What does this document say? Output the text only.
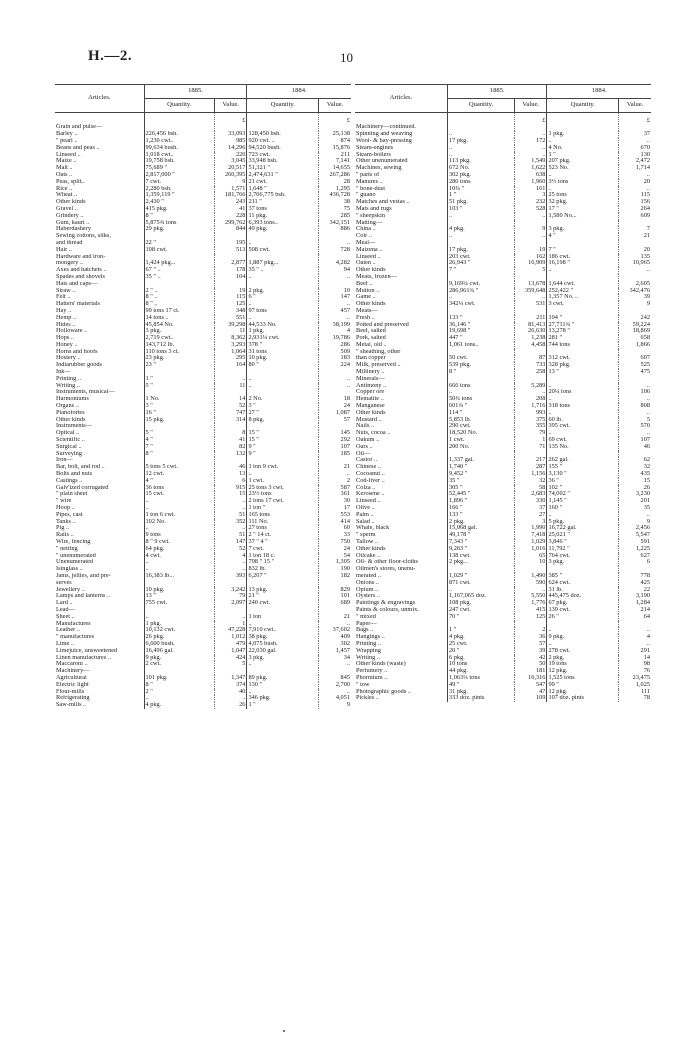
H.—2.	10
Articles.	1885.		1884.	
	Quantity.	Value.	Quantity.	Value.
		£		£
Grain and pulse—				
Barley ..	226,456 bsh.	33,093	128,450 bsh.	25,138
" pearl ..	1,230 cwt..	985	920 cwt. ..	874
Beans and peas ..	99,634 bush.	14,296	94,520 bush.	15,876
Linseed ..	1,018 cwt..	220	723 cwt.	211
Maize ..	19,758 bsh.	3,045	33,948 bsh.	7,141
Malt ..	75,689 "	20,517	51,321 "	14,655
Oats ..	2,817,000 "	260,395	2,474,631 "	267,286
Peas, split..	7 cwt.	9	21 cwt.	28
Rice ..	2,280 bsh.	1,571	1,648 "	1,295
Wheat ..	1,359,119 "	181,766	2,706,775 bsh.	436,728
Other kinds	2,430 "	243	211 "	38
Gravel ..	415 pkg.	41	37 tons	75
Grindery ..	8 "	228	11 pkg.	285
Gum, kauri ..	5,875¾ tons	299,762	6,393 tons..	342,151
Haberdashery	29 pkg.	844	49 pkg.	886
Sewing cottons, silks,				
and thread	22 "	195	..	..
Hair ..	108 cwt.	513	508 cwt.	728
Hardware and iron-				
mongery ..	1,424 pkg...	2,877	1,887 pkg...	4,282
Axes and hatchets ..	67 " ..	178	35 " ..	94
Spades and shovels	35 " ..	104	..	..
Hats and caps—				
Straw ..	2 " ..	19	2 pkg.	10
Felt ..	8 " ..	115	6 "	147
Hatters' materials	8 " ..	125	..	..
Hay ..	99 tons 17 ct.	348	97 tons	457
Hemp ..	14 tons ..	551	..	..
Hides ..	45,854 No.	39,298	44,533 No.	38,199
Holloware ..	3 pkg.	11	1 pkg.	4
Hops ..	2,719 cwt..	8,362	2,931¼ cwt.	19,786
Honey ..	143,712 lb.	3,293	378 "	286
Horns and hoofs	110 tons 3 ct.	1,064	31 tons	509
Hosiery ..	23 pkg.	295	10 pkg.	183
Indiarubber goods	23 "	164	80 "	224
Ink—				
Printing ..	1 "	..	..	..
Writing ..	5 "	11	..	..
Instruments, musical—				
Harmoniums	1 No.	14	2 No.	18
Organs ..	3 "	52	3 "	24
Pianofortes	16 "	747	27 "	1,087
Other kinds	15 pkg.	314	8 pkg.	57
Instruments—				
Optical ..	5 "	8	15 "	145
Scientific ..	4 "	41	15 "	292
Surgical ..	7 "	82	9 "	107
Surveying	8 "	132	9 "	185
Iron—				
Bar, bolt, and rod ..	5 tons 5 cwt.	46	1 ton 9 cwt.	21
Bolts and nuts	12 cwt.	13	..	..
Castings ..	4 "	6	1 cwt.	2
Galv'ized corrugated	36 tons	915	25 tons 3 cwt.	587
" plain sheet	15 cwt.	15	23½ tons	361
" wire	..	..	2 tons 17 cwt.	30
Hoop ..	..	..	1 ton "	17
Pipes, cast	1 ton 6 cwt.	51	165 tons	553
Tanks ..	102 No.	352	111 No.	414
Pig ..	..	..	27 tons	60
Rails ..	9 tons	51	2 " 14 ct.	33
Wire, fencing	8 " 9 cwt.	147	37 " 4 "	750
" netting	64 pkg.	52	7 cwt.	24
" unenumerated	4 cwt.	4	1 ton 18 c.	54
Unenumerated	..	..	798 " 15 "	1,305
Isinglass ..	..	..	832 lb.	190
Jams, jellies, and pre-	16,383 lb...	393	6,207 "	182
serves				
Jewellery ..	10 pkg.	3,242	13 pkg.	829
Lamps and lanterns ..	13 "	79	21 "	101
Lard ..	755 cwt.	2,097	240 cwt.	689
Lead—				
Sheet ..	..	..	1 ton	21
Manufactures	1 pkg.	1	..	..
Leather ..	10,132 cwt.	47,228	7,910 cwt..	37,602
" manufactures	26 pkg.	1,012	38 pkg.	409
Lime ..	6,600 bush.	479	4,075 bush.	302
Limejuice, unsweetened	16,496 gal.	1,047	22,030 gal.	1,457
Linen manufactures ..	9 pkg.	424	3 pkg.	34
Maccaroni ..	2 cwt.	5	..	..
Machinery—				
Agricultural	101 pkg.	1,347	89 pkg.	845
Electric light	8 "	374	130 "	2,700
Flour-mills	2 "	40	..	..
Refrigerating	..	..	346 pkg.	4,051
Saw-mills ..	4 pkg.	26	1 "	9
Articles.	1885.		1884.	
	Quantity.	Value.	Quantity.	Value.
		£		£
Machinery—continued.				
Spinning and weaving	..	..	1 pkg.	37
Wool- & hay-pressing	17 pkg.	172	..	..
Steam-engines	..	..	4 No.	670
Steam-boilers	..	..	1 "	130
Other unenumerated	113 pkg.	1,549	207 pkg.	2,472
Machines, sewing	672 No.	1,622	523 No.	1,714
" parts of	302 pkg.	638	..	..
Manures ..	280 tons	1,960	3½ tons	20
" bone-dust	10¾ "	161	..	..
" guano	1 "	3	25 tons	115
Matches and vestas ..	51 pkg.	232	32 pkg.	156
Mats and rugs	103 "	528	17 "	264
" sheepskin	..	..	1,580 No...	609
Matting—				
China ..	4 pkg.	9	3 pkg.	7
Coir ..	..	..	4 "	21
Meal—				
Maizena ..	17 pkg.	19	7 "	20
Linseed ..	203 cwt.	162	186 cwt.	135
Oaten ..	26,943 "	16,909	16,198 "	10,965
Other kinds	7 "	5	..	..
Meats, frozen—				
Beef ..	9,169¼ cwt.	13,678	1,644 cwt.	2,605
Mutton ..	286,961¾ "	359,648	252,422 "	342,476
Game ..	..	..	1,357 No. ..	39
Other kinds	342¼ cwt.	531	3 cwt.	9
Meats—				
Fresh ..	133 "	211	194 "	242
Potted and preserved	36,146 "	81,413	27,711¾ "	59,224
Beef, salted	19,698 "	26,630	13,278 "	18,869
Pork, salted	447 "	1,238	281 "	658
Metal, old ..	1,061 tons..	4,458	744 tons	1,866
" sheathing, other				
than copper	50 cwt.	87	312 cwt.	607
Milk, preserved ..	539 pkg.	733	328 pkg.	525
Millinery ..	8 "	258	13 "	475
Minerals—				
Antimony ..	666 tons	5,289	..	..
Copper ore	..	..	20¼ tons	106
Hematite ..	50¾ tons	208	..	..
Manganese	601¾ "	1,716	318 tons	808
Other kinds	114 "	993	..	..
Mustard ..	5,853 lb.	375	60 lb.	5
Nails ..	290 cwt.	355	395 cwt.	570
Nuts, cocoa ..	18,520 No.	79	..	..
Oakum ..	1 cwt.	1	69 cwt.	107
Oars ..	200 No.	71	135 No.	46
Oil—				
Castor ..	1,337 gal.	217	262 gal.	62
Chinese ..	1,740 "	287	155 "	32
Cocoanut ..	9,452 "	1,156	3,130 "	435
Cod-liver ..	35 "	32	36 "	15
Colza ..	305 "	58	102 "	26
Kerosene ..	52,445 "	2,683	74,002 "	3,230
Linseed ..	1,896 "	330	1,145 "	201
Olive ..	166 "	37	160 "	35
Palm ..	133 "	27	..	..
Salad ..	2 pkg.	3	5 pkg.	9
Whale, black	15,068 gal.	1,990	16,722 gal.	2,456
" sperm	49,178 "	7,418	25,021 "	5,547
Tallow ..	7,343 "	1,029	3,846 "	591
Other kinds	9,263 "	1,016	11,792 "	1,225
Oilcake ..	138 cwt.	65	764 cwt.	627
Oil- & other floor-cloths	2 pkg...	10	3 pkg.	6
Oilmen's stores, unenu-				
merated ..	1,029 "	1,490	385 "	778
Onions ..	871 cwt.	590	624 cwt.	425
Opium ..	..	..	31 lb.	22
Oysters ..	1,167,065 doz.	5,550	445,475 doz.	3,190
Paintings & engravings	108 pkg.	1,776	67 pkg.	1,284
Paints & colours, unmix.	247 cwt.	415	139 cwt.	214
" mixed	70 "	125	26 "	64
Paper—				
Bags ..	1 "	2	..	..
Hangings ..	4 pkg.	36	9 pkg.	4
Printing ..	25 cwt.	57	..	..
Wrapping	20 "	39	278 cwt.	291
Writing ..	6 pkg.	42	2 pkg.	14
Other kinds (waste)	10 tons	50	19 tons	98
Perfumery ..	44 pkg.	181	12 pkg.	76
Phormium ..	1,063¼ tons	16,316	1,525 tons	23,475
" tow	49 "	547	99 "	1,025
Photographic goods ..	31 pkg.	47	12 pkg.	111
Pickles ..	333 doz. pints	109	107 doz. pints	78
